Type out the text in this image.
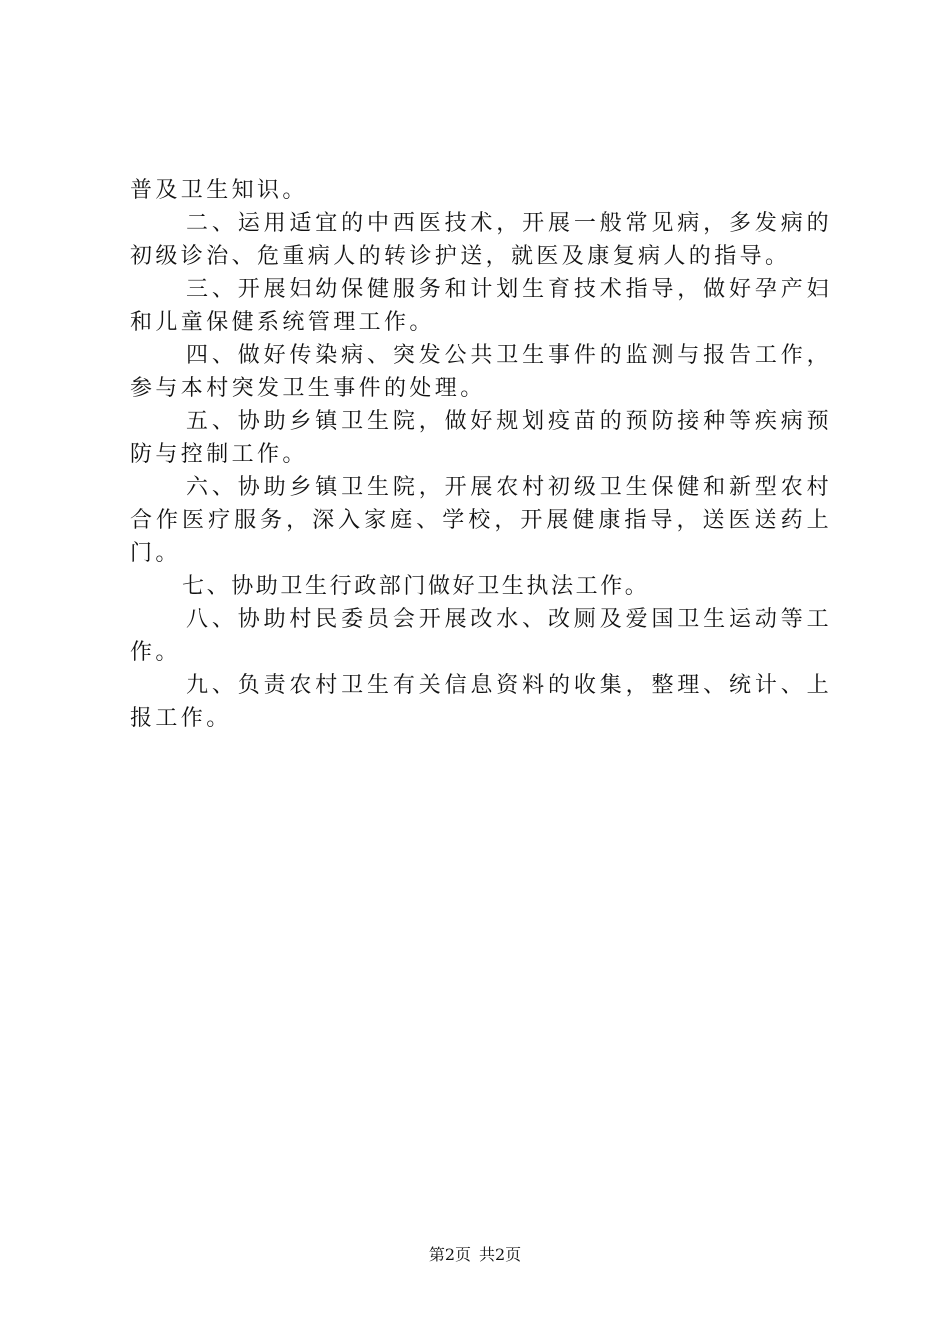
普及卫生知识。

二、运用适宜的中西医技术，开展一般常见病，多发病的初级诊治、危重病人的转诊护送，就医及康复病人的指导。

三、开展妇幼保健服务和计划生育技术指导，做好孕产妇和儿童保健系统管理工作。

四、做好传染病、突发公共卫生事件的监测与报告工作，参与本村突发卫生事件的处理。

五、协助乡镇卫生院，做好规划疫苗的预防接种等疾病预防与控制工作。

六、协助乡镇卫生院，开展农村初级卫生保健和新型农村合作医疗服务，深入家庭、学校，开展健康指导，送医送药上门。

七、协助卫生行政部门做好卫生执法工作。

八、协助村民委员会开展改水、改厕及爱国卫生运动等工作。

九、负责农村卫生有关信息资料的收集，整理、统计、上报工作。

第2页 共2页
